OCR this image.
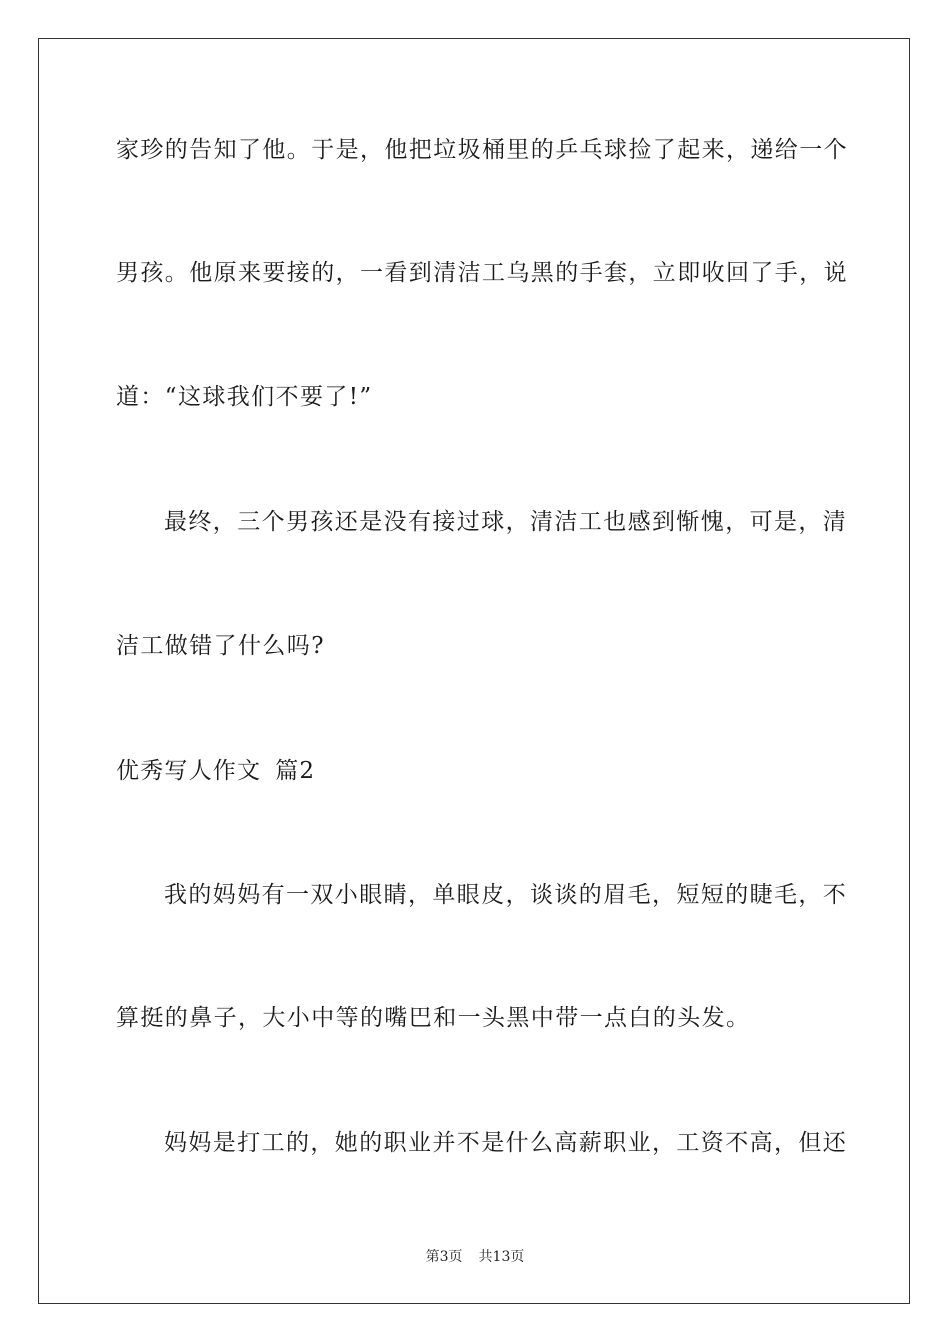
家珍的告知了他。于是，他把垃圾桶里的乒乓球捡了起来，递给一个
男孩。他原来要接的，一看到清洁工乌黑的手套，立即收回了手，说
道：“这球我们不要了!”
最终，三个男孩还是没有接过球，清洁工也感到惭愧，可是，清
洁工做错了什么吗?
优秀写人作文 篇2
我的妈妈有一双小眼睛，单眼皮，谈谈的眉毛，短短的睫毛，不
算挺的鼻子，大小中等的嘴巴和一头黑中带一点白的头发。
妈妈是打工的，她的职业并不是什么高薪职业，工资不高，但还
第3页 共13页
